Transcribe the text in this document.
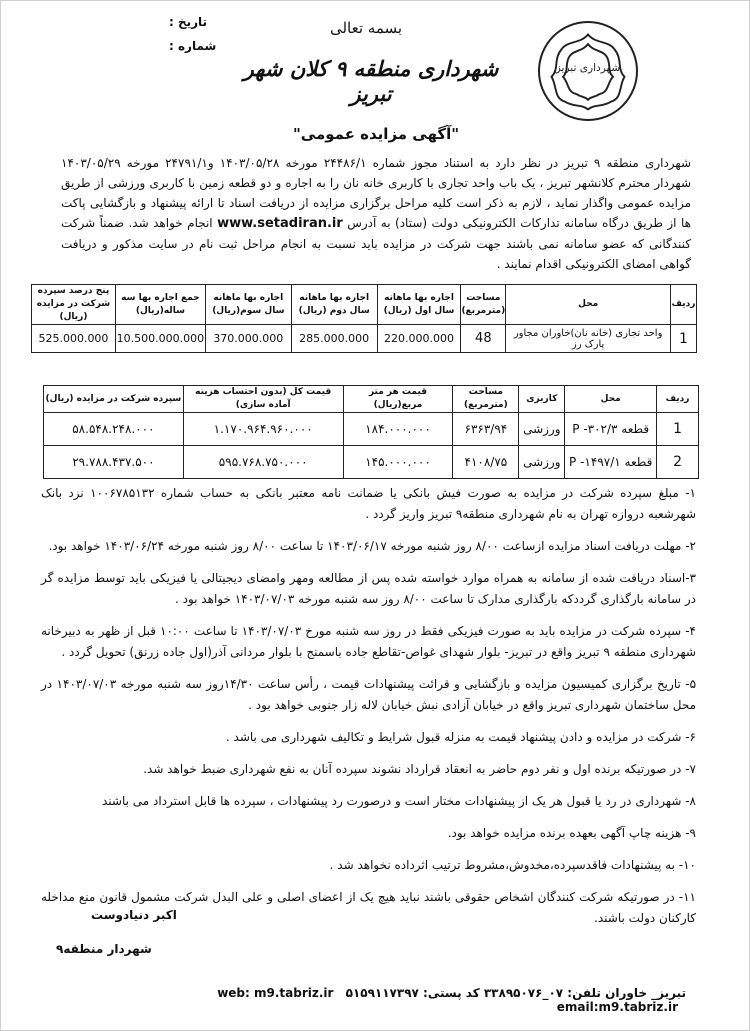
تاریخ :
شماره :
بسمه تعالی
شهرداری منطقه ۹ کلان شهر تبریز
شهرداری تبریز
"آگهی مزایده عمومی"
شهرداری منطقه ۹ تبریز در نظر دارد به استناد مجوز شماره ۲۴۴۸۶/۱ مورخه ۱۴۰۳/۰۵/۲۸ و۲۴۷۹۱/۱ مورخه ۱۴۰۳/۰۵/۲۹ شهردار محترم کلانشهر تبریز ، یک باب واحد تجاری با کاربری خانه نان را به اجاره و دو قطعه زمین با کاربری ورزشی از طریق مزایده عمومی واگذار نماید ، لازم به ذکر است کلیه مراحل برگزاری مزایده از دریافت اسناد تا ارائه پیشنهاد و بازگشایی پاکت ها از طریق درگاه سامانه تدارکات الکترونیکی دولت (ستاد) به آدرس www.setadiran.ir انجام خواهد شد. ضمناً شرکت کنندگانی که عضو سامانه نمی باشند جهت شرکت در مزایده باید نسبت به انجام مراحل ثبت نام در سایت مذکور و دریافت گواهی امضای الکترونیکی اقدام نمایند .
ردیف	محل	مساحت (مترمربع)	اجاره بها ماهانه سال اول (ریال)	اجاره بها ماهانه سال دوم (ریال)	اجاره بها ماهانه سال سوم(ریال)	جمع اجاره بها سه ساله(ریال)	پنج درصد سپرده شرکت در مزایده (ریال)
1	واحد تجاری (خانه نان)خاوران مجاور پارک رز	48	220.000.000	285.000.000	370.000.000	10.500.000.000	525.000.000
ردیف	محل	کاربری	مساحت (مترمربع)	قیمت هر متر مربع(ریال)	قیمت کل (بدون احتساب هزینه آماده سازی)	سپرده شرکت در مزایده (ریال)
1	قطعه ۳۰۲/۳- P	ورزشی	۶۳۶۳/۹۴	۱۸۴.۰۰۰.۰۰۰	۱.۱۷۰.۹۶۴.۹۶۰.۰۰۰	۵۸.۵۴۸.۲۴۸.۰۰۰
2	قطعه ۱۴۹۷/۱- P	ورزشی	۴۱۰۸/۷۵	۱۴۵.۰۰۰.۰۰۰	۵۹۵.۷۶۸.۷۵۰.۰۰۰	۲۹.۷۸۸.۴۳۷.۵۰۰

۱- مبلغ سپرده شرکت در مزایده به صورت فیش بانکی یا ضمانت نامه معتبر بانکی به حساب شماره ۱۰۰۶۷۸۵۱۳۲ نزد بانک شهرشعبه دروازه تهران به نام شهرداری منطقه۹ تبریز واریز گردد .

۲- مهلت دریافت اسناد مزایده ازساعت ۸/۰۰ روز شنبه مورخه ۱۴۰۳/۰۶/۱۷ تا ساعت ۸/۰۰ روز شنبه مورخه ۱۴۰۳/۰۶/۲۴ خواهد بود.

۳-اسناد دریافت شده از سامانه به همراه موارد خواسته شده پس از مطالعه ومهر وامضای دیجیتالی یا فیزیکی باید توسط مزایده گر در سامانه بارگذاری گرددکه بارگذاری مدارک تا ساعت ۸/۰۰ روز سه شنبه مورخه ۱۴۰۳/۰۷/۰۳ خواهد بود .

۴- سپرده شرکت در مزایده باید به صورت فیزیکی فقط در روز سه شنبه مورخ ۱۴۰۳/۰۷/۰۳ تا ساعت ۱۰:۰۰ قبل از ظهر به دبیرخانه شهرداری منطقه ۹ تبریز واقع در تبریز- بلوار شهدای غواص-تقاطع جاده باسمنج با بلوار مردانی آذر(اول جاده زرنق) تحویل گردد .

۵- تاریخ برگزاری کمیسیون مزایده و بازگشایی و قرائت پیشنهادات قیمت ، رأس ساعت ۱۴/۳۰روز سه شنبه مورخه ۱۴۰۳/۰۷/۰۳ در محل ساختمان شهرداری تبریز واقع در خیابان آزادی نبش خیابان لاله زار جنوبی خواهد بود .

۶- شرکت در مزایده و دادن پیشنهاد قیمت به منزله قبول شرایط و تکالیف شهرداری می باشد .

۷- در صورتیکه برنده اول و نفر دوم حاضر به انعقاد قرارداد نشوند سپرده آنان به نفع شهرداری ضبط خواهد شد.

۸- شهرداری در رد یا قبول هر یک از پیشنهادات مختار است و درصورت رد پیشنهادات ، سپرده ها قابل استرداد می باشند

۹- هزینه چاپ آگهی بعهده برنده مزایده خواهد بود.

۱۰- به پیشنهادات فاقدسپرده،مخدوش،مشروط ترتیب اثرداده نخواهد شد .

۱۱- در صورتیکه شرکت کنندگان اشخاص حقوقی باشند نباید هیچ یک از اعضای اصلی و علی البدل شرکت مشمول قانون منع مداخله کارکنان دولت باشند.

اکبر دنیادوست
شهردار منطقه۹
تبریز_ خاوران تلفن: ۰۷_۳۳۸۹۵۰۷۶ کد پستی: ۵۱۵۹۱۱۷۳۹۷ web: m9.tabriz.ir email:m9.tabriz.ir
